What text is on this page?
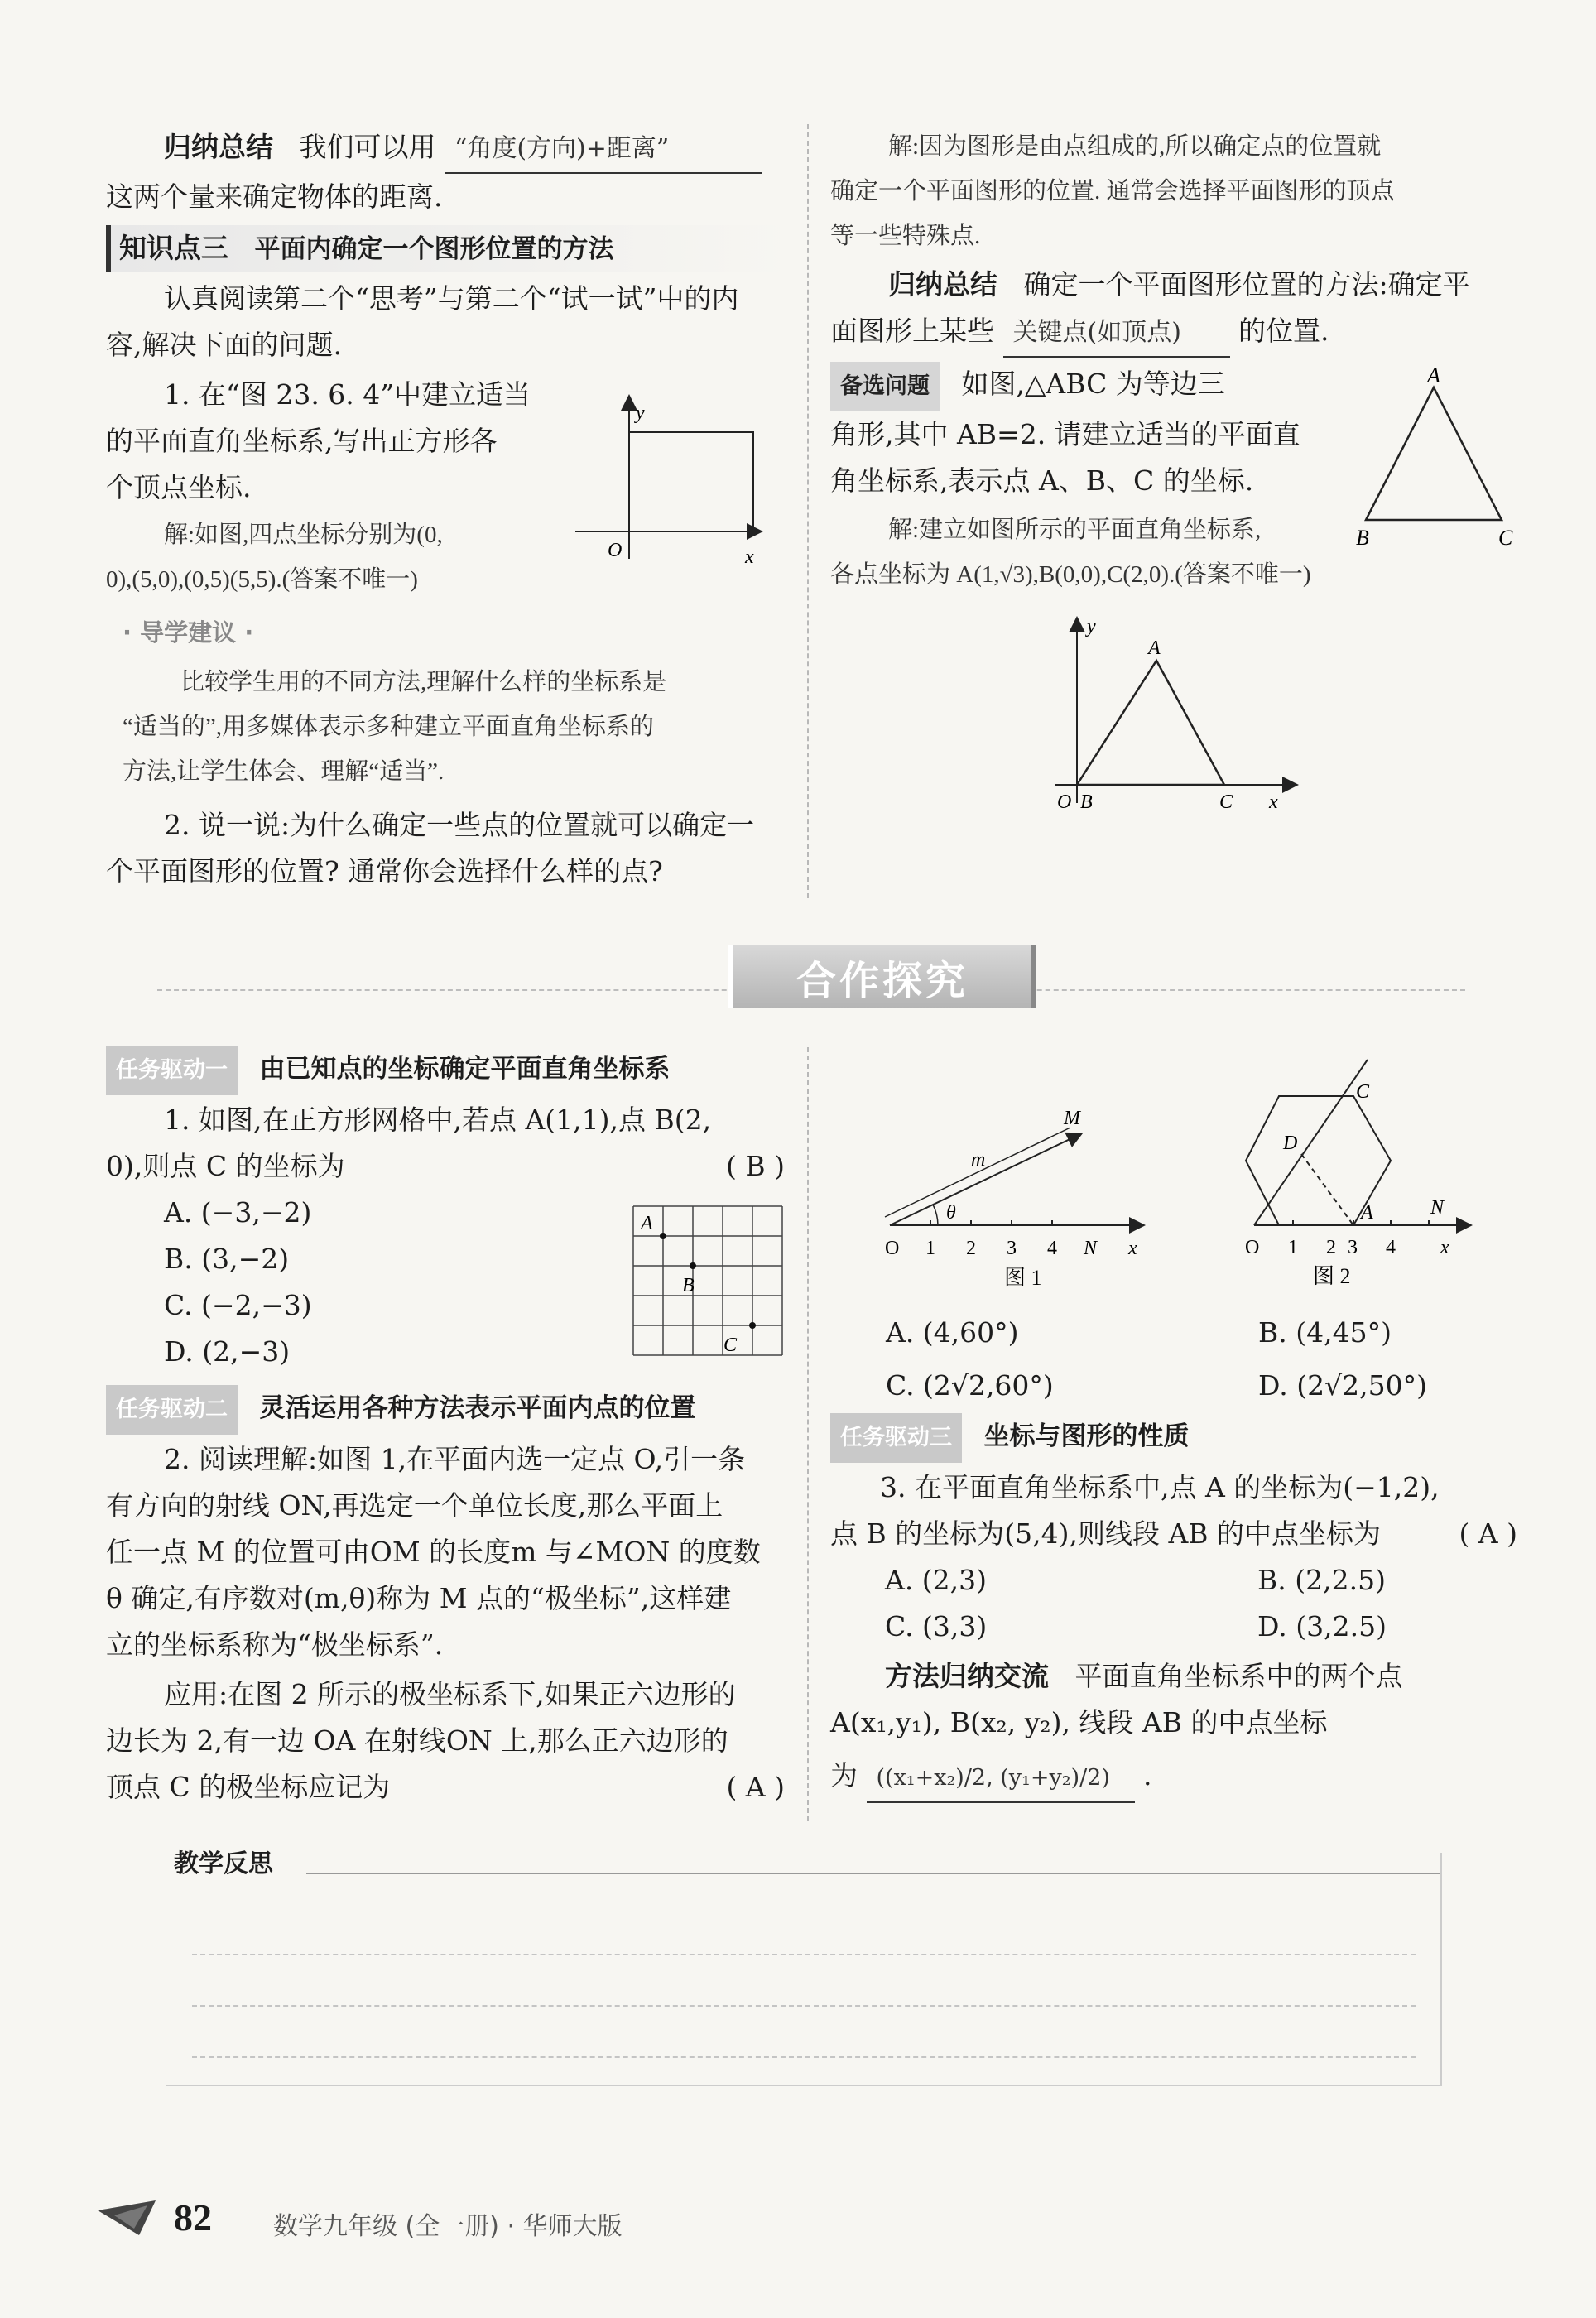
归纳总结 我们可以用 “角度(方向)+距离”

这两个量来确定物体的距离.

知识点三 平面内确定一个图形位置的方法

认真阅读第二个“思考”与第二个“试一试”中的内

容,解决下面的问题.

1. 在“图 23. 6. 4”中建立适当

的平面直角坐标系,写出正方形各

个顶点坐标.

解:如图,四点坐标分别为(0,

0),(5,0),(0,5)(5,5).(答案不唯一)

· 导学建议 ·

比较学生用的不同方法,理解什么样的坐标系是

“适当的”,用多媒体表示多种建立平面直角坐标系的

方法,让学生体会、理解“适当”.

2. 说一说:为什么确定一些点的位置就可以确定一

个平面图形的位置? 通常你会选择什么样的点?

y
x
O

解:因为图形是由点组成的,所以确定点的位置就

确定一个平面图形的位置. 通常会选择平面图形的顶点

等一些特殊点.

归纳总结 确定一个平面图形位置的方法:确定平

面图形上某些 关键点(如顶点) 的位置.

备选问题 如图,△ABC 为等边三

角形,其中 AB=2. 请建立适当的平面直

角坐标系,表示点 A、B、C 的坐标.

解:建立如图所示的平面直角坐标系,

各点坐标为 A(1,√3),B(0,0),C(2,0).(答案不唯一)

A
B	C
y
A
O B	C x
合作探究

任务驱动一 由已知点的坐标确定平面直角坐标系

1. 如图,在正方形网格中,若点 A(1,1),点 B(2,

0),则点 C 的坐标为	( B )

A. (−3,−2)

B. (3,−2)

C. (−2,−3)

D. (2,−3)

A
B
C

任务驱动二 灵活运用各种方法表示平面内点的位置

2. 阅读理解:如图 1,在平面内选一定点 O,引一条

有方向的射线 ON,再选定一个单位长度,那么平面上

任一点 M 的位置可由OM 的长度m 与∠MON 的度数

θ 确定,有序数对(m,θ)称为 M 点的“极坐标”,这样建

立的坐标系称为“极坐标系”.

应用:在图 2 所示的极坐标系下,如果正六边形的

边长为 2,有一边 OA 在射线ON 上,那么正六边形的

顶点 C 的极坐标应记为	( A )

m
M
θ
O 1 2 3 4 N x
图 1
C
D
A	N
O 1 2 3 4 x
图 2

A. (4,60°)	B. (4,45°)

C. (2√2,60°)	D. (2√2,50°)

任务驱动三 坐标与图形的性质

3. 在平面直角坐标系中,点 A 的坐标为(−1,2),

点 B 的坐标为(5,4),则线段 AB 的中点坐标为	( A )

A. (2,3)	B. (2,2.5)

C. (3,3)	D. (3,2.5)

方法归纳交流 平面直角坐标系中的两个点

A(x₁,y₁), B(x₂, y₂), 线段 AB 的中点坐标

为 ((x₁+x₂)/2, (y₁+y₂)/2) .

教学反思
82 数学九年级 (全一册) · 华师大版
